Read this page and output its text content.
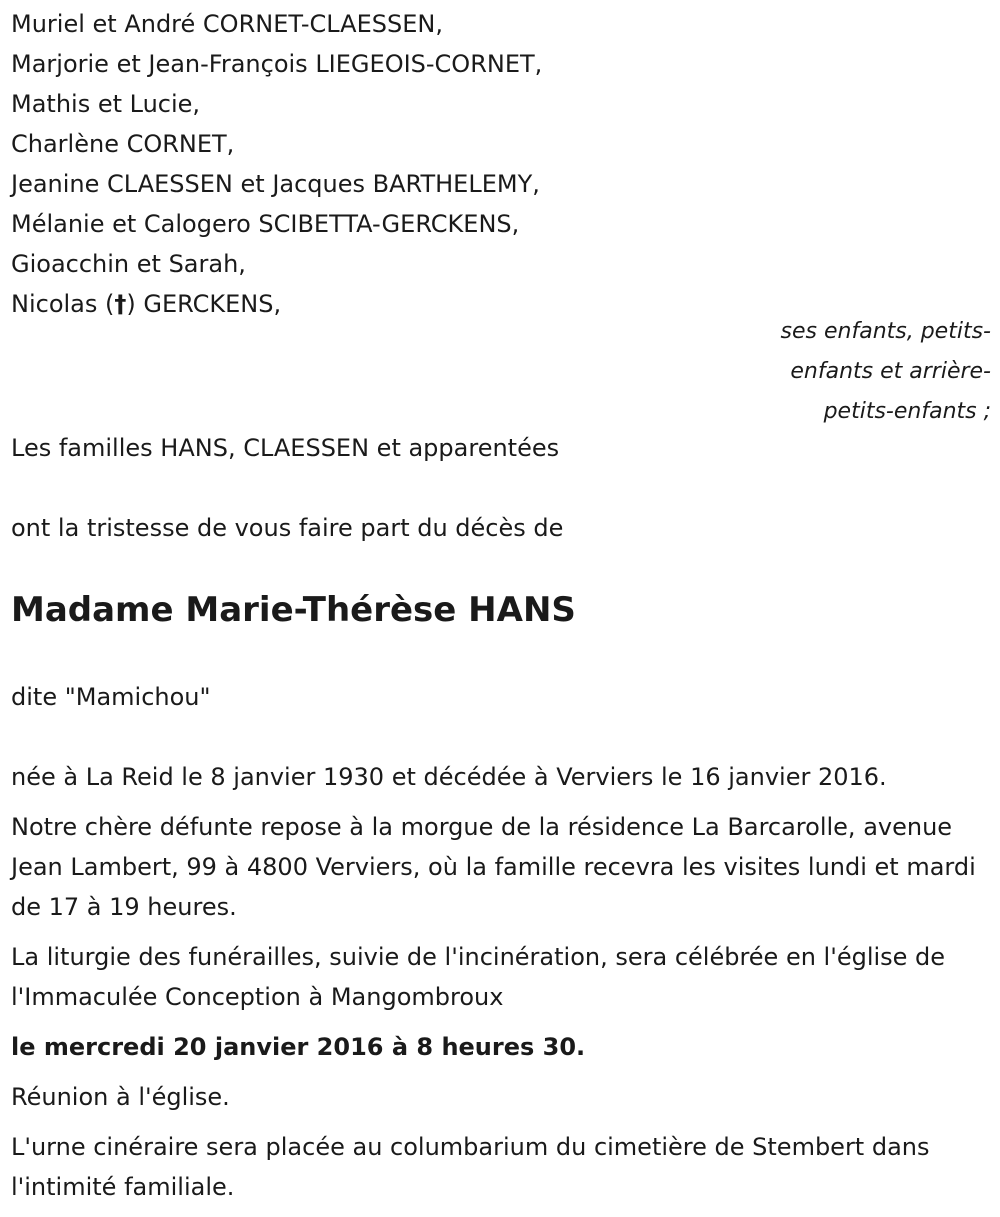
Muriel et André CORNET-CLAESSEN,

Marjorie et Jean-François LIEGEOIS-CORNET,

Mathis et Lucie,

Charlène CORNET,

Jeanine CLAESSEN et Jacques BARTHELEMY,

Mélanie et Calogero SCIBETTA-GERCKENS,

Gioacchin et Sarah,

Nicolas (†) GERCKENS,

ses enfants, petits-

enfants et arrière-

petits-enfants ;

Les familles HANS, CLAESSEN et apparentées

ont la tristesse de vous faire part du décès de

Madame Marie-Thérèse HANS

dite "Mamichou"

née à La Reid le 8 janvier 1930 et décédée à Verviers le 16 janvier 2016.

Notre chère défunte repose à la morgue de la résidence La Barcarolle, avenue Jean Lambert, 99 à 4800 Verviers, où la famille recevra les visites lundi et mardi de 17 à 19 heures.

La liturgie des funérailles, suivie de l'incinération, sera célébrée en l'église de l'Immaculée Conception à Mangombroux

le mercredi 20 janvier 2016 à 8 heures 30.

Réunion à l'église.

L'urne cinéraire sera placée au columbarium du cimetière de Stembert dans l'intimité familiale.
